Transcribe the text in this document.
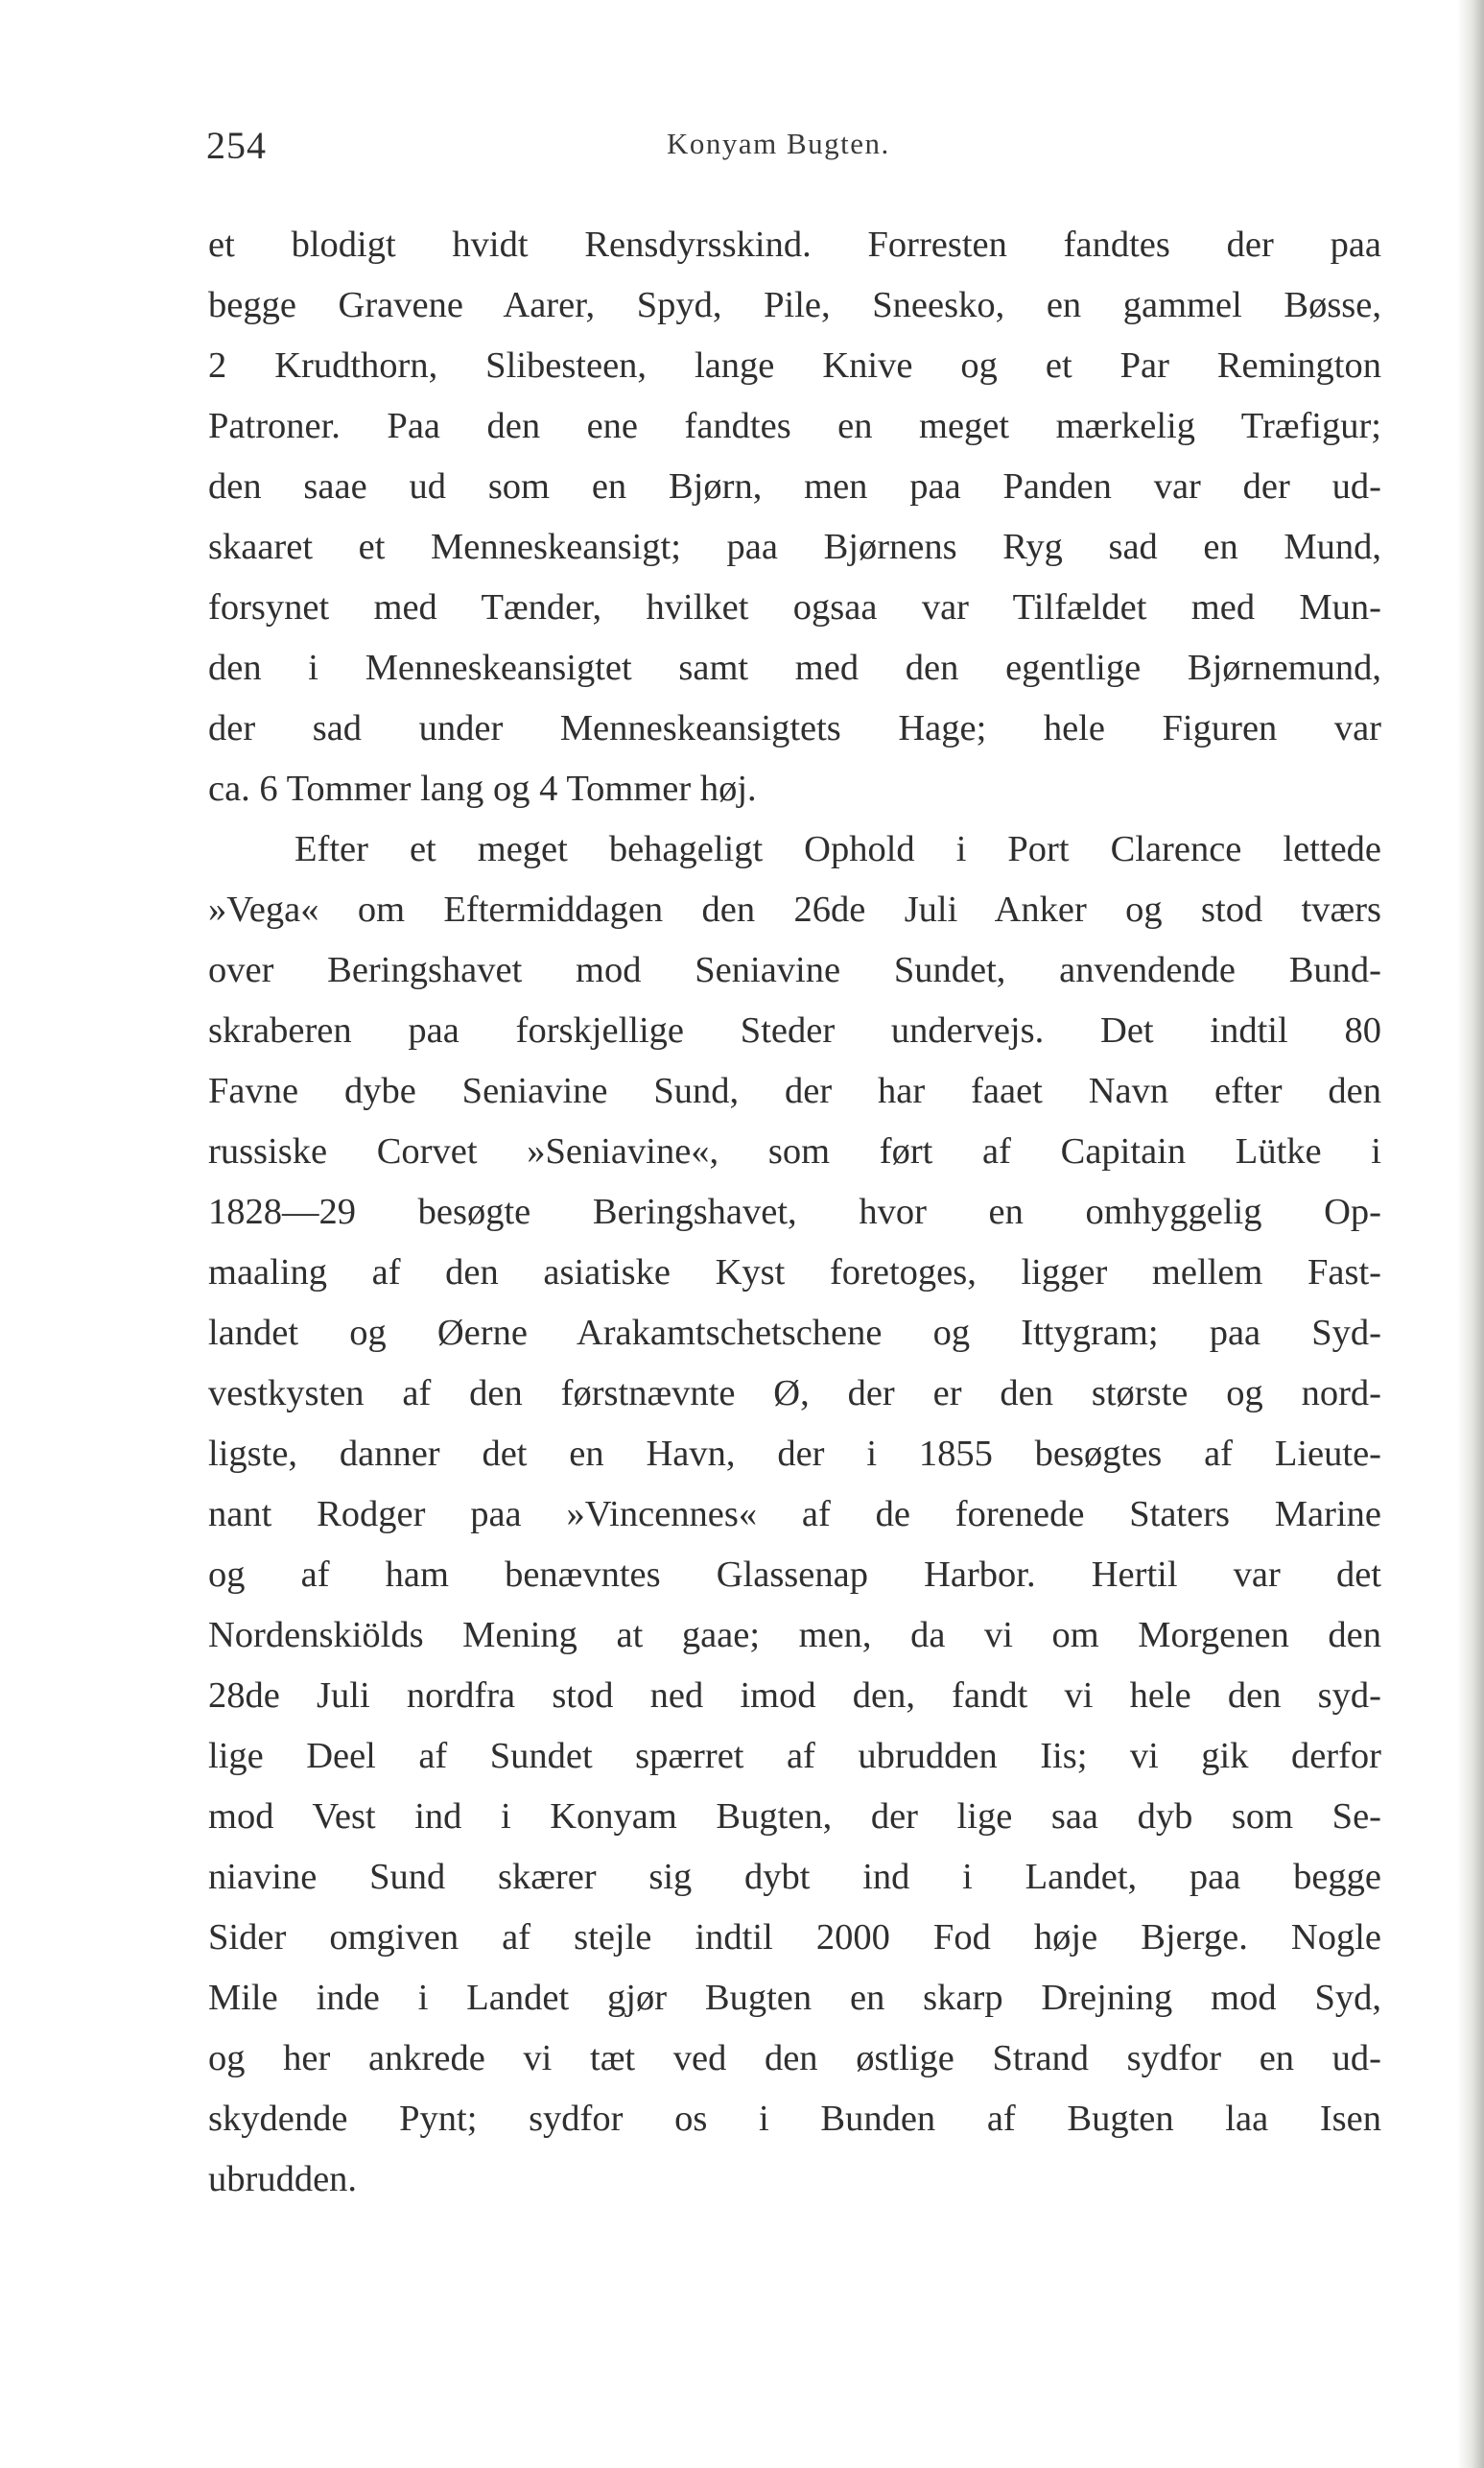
254	Konyam Bugten.
et blodigt hvidt Rensdyrsskind. Forresten fandtes der paa
begge Gravene Aarer, Spyd, Pile, Sneesko, en gammel Bøsse,
2 Krudthorn, Slibesteen, lange Knive og et Par Remington
Patroner. Paa den ene fandtes en meget mærkelig Træfigur;
den saae ud som en Bjørn, men paa Panden var der ud-
skaaret et Menneskeansigt; paa Bjørnens Ryg sad en Mund,
forsynet med Tænder, hvilket ogsaa var Tilfældet med Mun-
den i Menneskeansigtet samt med den egentlige Bjørnemund,
der sad under Menneskeansigtets Hage; hele Figuren var
ca. 6 Tommer lang og 4 Tommer høj.
Efter et meget behageligt Ophold i Port Clarence lettede
»Vega« om Eftermiddagen den 26de Juli Anker og stod tværs
over Beringshavet mod Seniavine Sundet, anvendende Bund-
skraberen paa forskjellige Steder undervejs. Det indtil 80
Favne dybe Seniavine Sund, der har faaet Navn efter den
russiske Corvet »Seniavine«, som ført af Capitain Lütke i
1828—29 besøgte Beringshavet, hvor en omhyggelig Op-
maaling af den asiatiske Kyst foretoges, ligger mellem Fast-
landet og Øerne Arakamtschetschene og Ittygram; paa Syd-
vestkysten af den førstnævnte Ø, der er den største og nord-
ligste, danner det en Havn, der i 1855 besøgtes af Lieute-
nant Rodger paa »Vincennes« af de forenede Staters Marine
og af ham benævntes Glassenap Harbor. Hertil var det
Nordenskiölds Mening at gaae; men, da vi om Morgenen den
28de Juli nordfra stod ned imod den, fandt vi hele den syd-
lige Deel af Sundet spærret af ubrudden Iis; vi gik derfor
mod Vest ind i Konyam Bugten, der lige saa dyb som Se-
niavine Sund skærer sig dybt ind i Landet, paa begge
Sider omgiven af stejle indtil 2000 Fod høje Bjerge. Nogle
Mile inde i Landet gjør Bugten en skarp Drejning mod Syd,
og her ankrede vi tæt ved den østlige Strand sydfor en ud-
skydende Pynt; sydfor os i Bunden af Bugten laa Isen
ubrudden.
